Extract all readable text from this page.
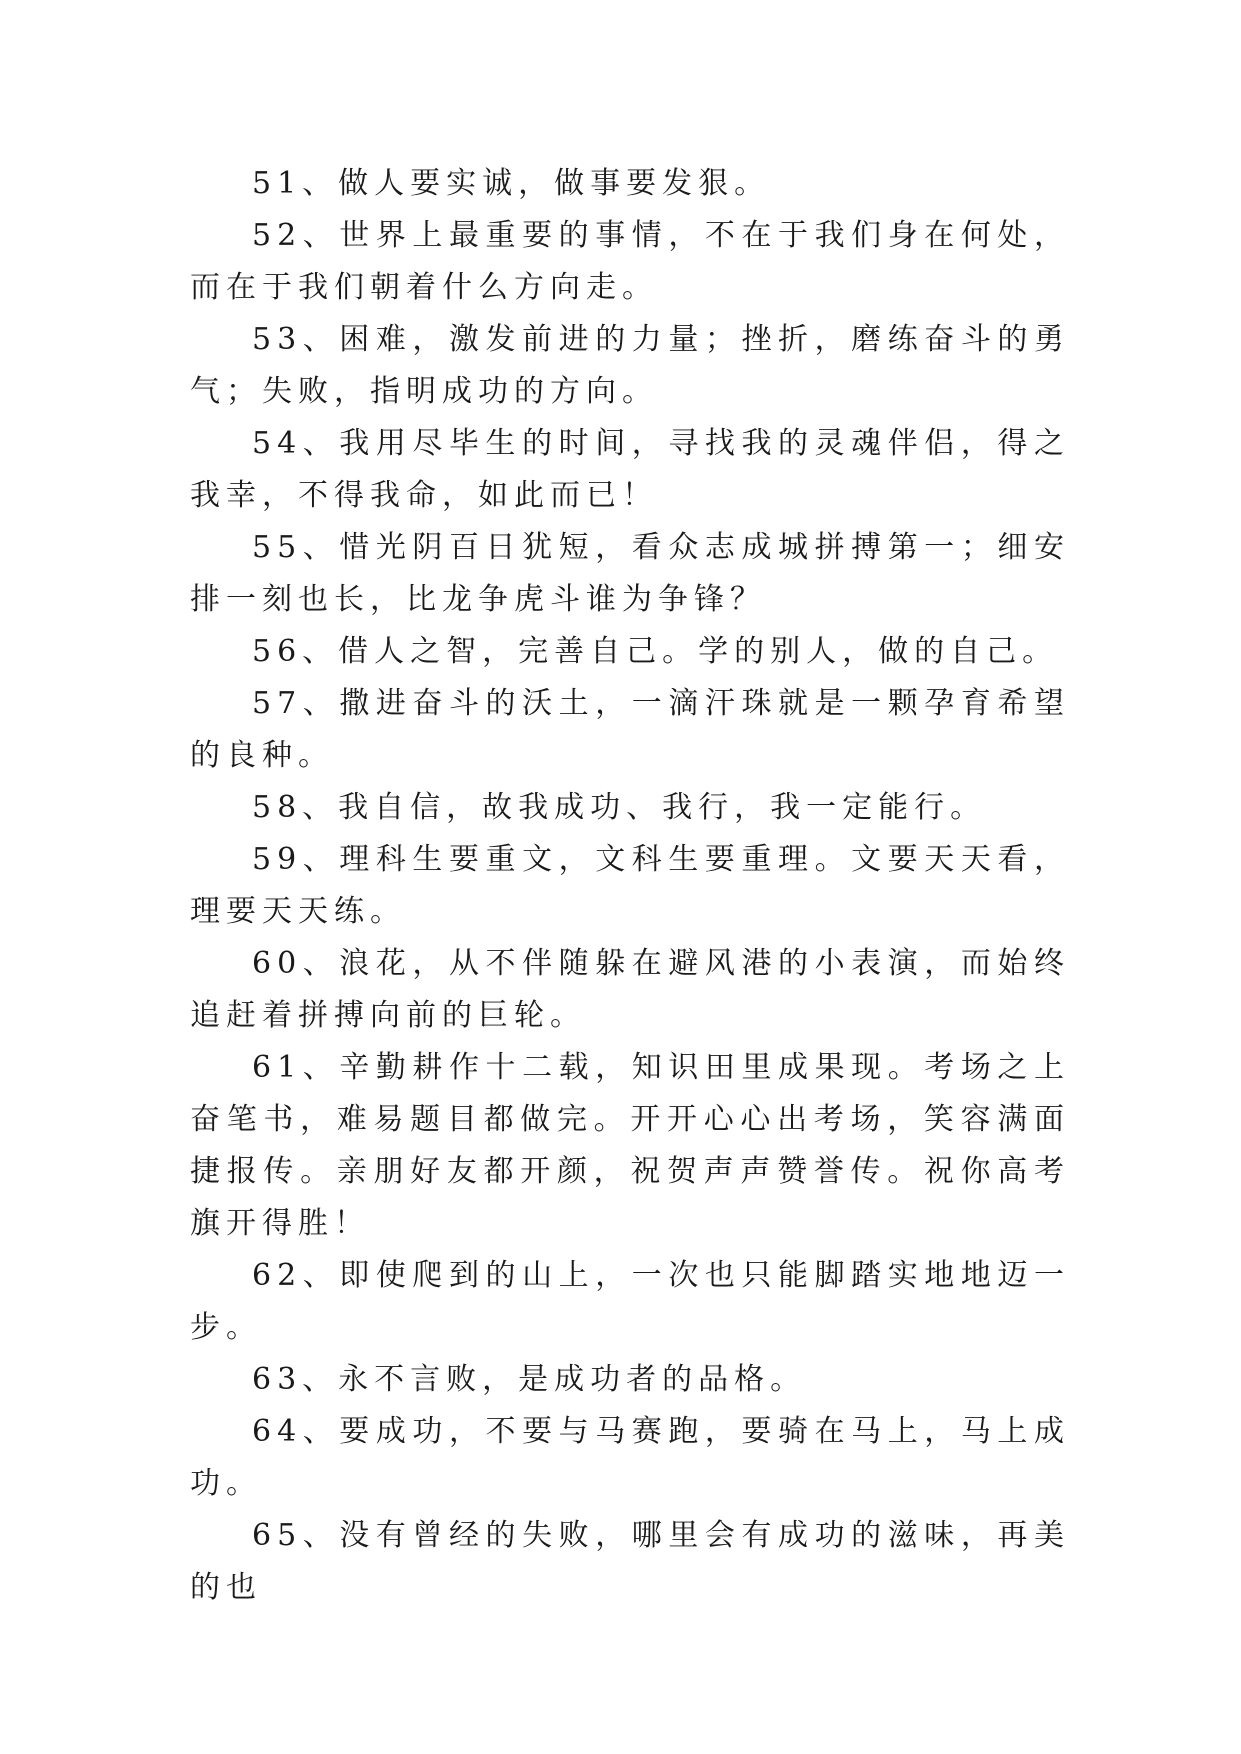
51、做人要实诚，做事要发狠。

52、世界上最重要的事情，不在于我们身在何处，而在于我们朝着什么方向走。

53、困难，激发前进的力量；挫折，磨练奋斗的勇气；失败，指明成功的方向。

54、我用尽毕生的时间，寻找我的灵魂伴侣，得之我幸，不得我命，如此而已！

55、惜光阴百日犹短，看众志成城拼搏第一；细安排一刻也长，比龙争虎斗谁为争锋？

56、借人之智，完善自己。学的别人，做的自己。

57、撒进奋斗的沃土，一滴汗珠就是一颗孕育希望的良种。

58、我自信，故我成功、我行，我一定能行。

59、理科生要重文，文科生要重理。文要天天看，理要天天练。

60、浪花，从不伴随躲在避风港的小表演，而始终追赶着拼搏向前的巨轮。

61、辛勤耕作十二载，知识田里成果现。考场之上奋笔书，难易题目都做完。开开心心出考场，笑容满面捷报传。亲朋好友都开颜，祝贺声声赞誉传。祝你高考旗开得胜！

62、即使爬到的山上，一次也只能脚踏实地地迈一步。

63、永不言败，是成功者的品格。

64、要成功，不要与马赛跑，要骑在马上，马上成功。

65、没有曾经的失败，哪里会有成功的滋味，再美的也
